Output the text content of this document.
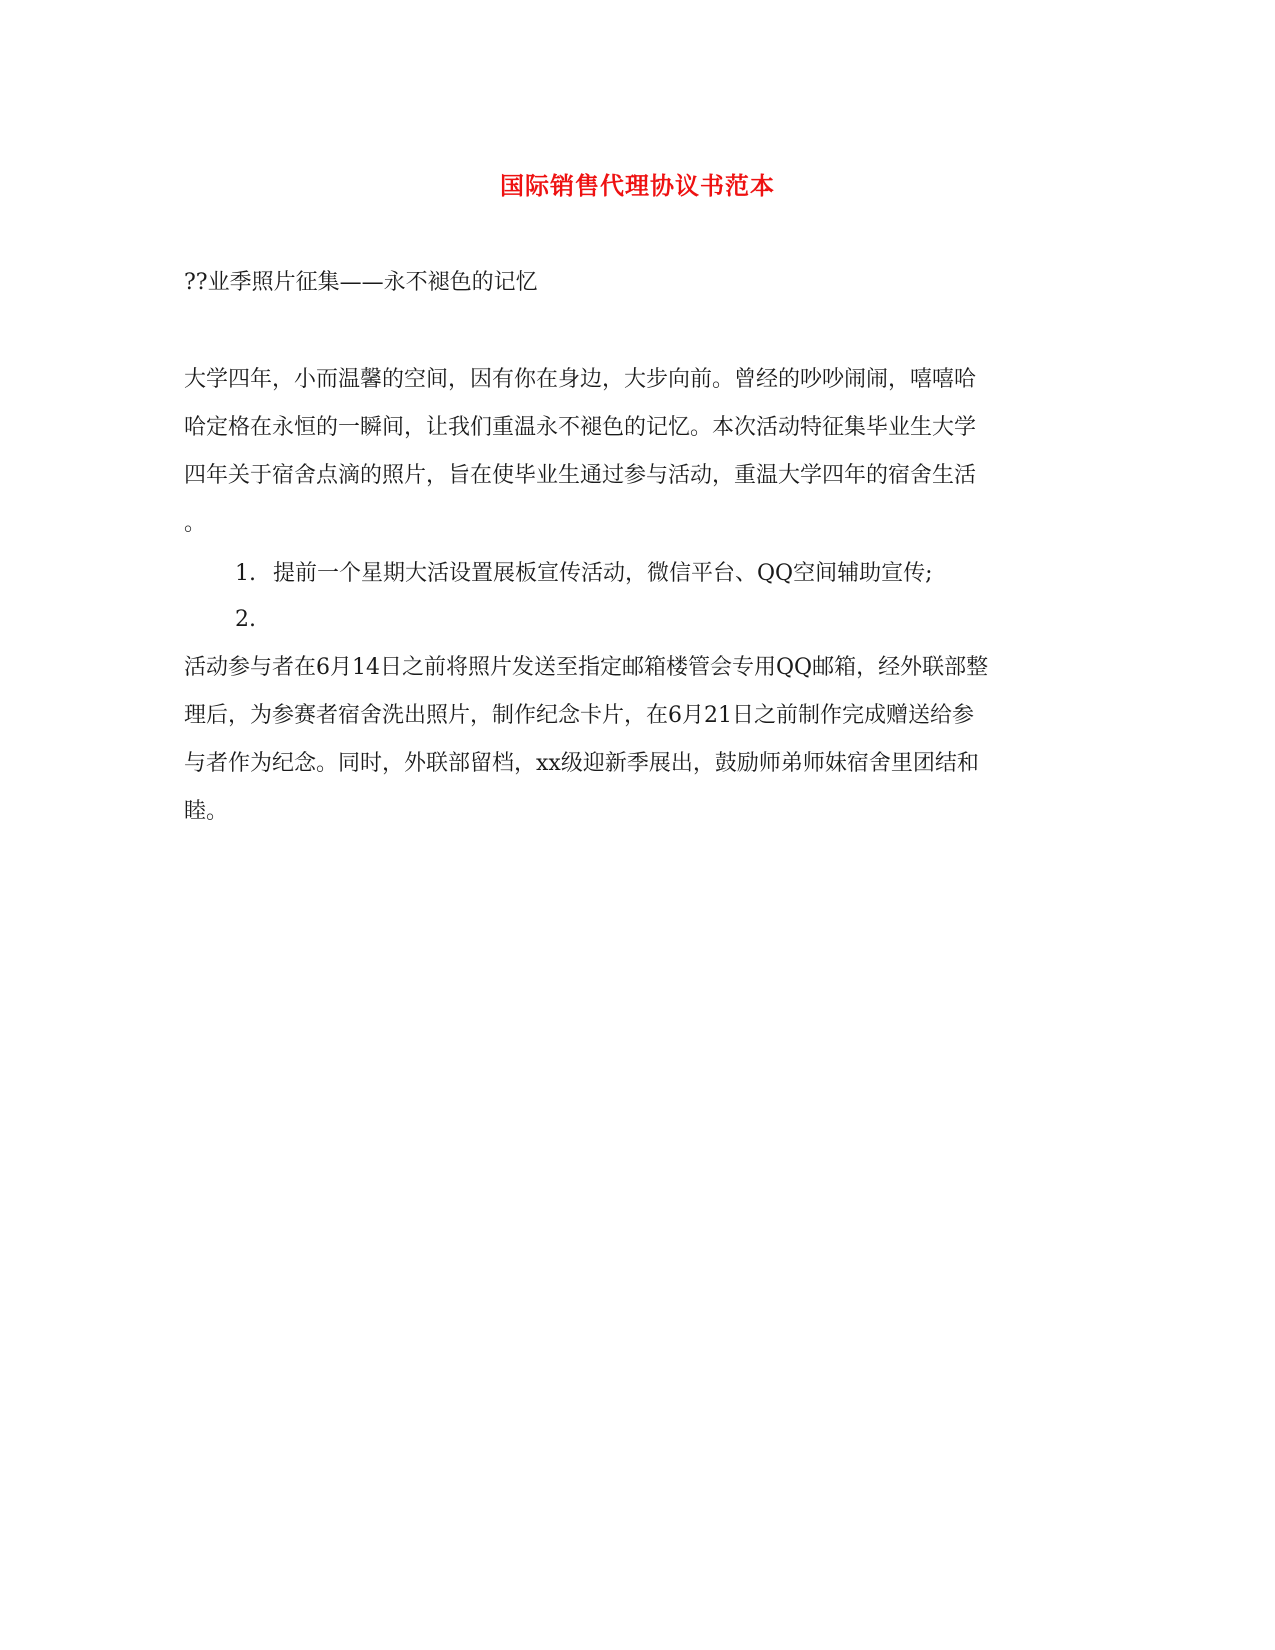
国际销售代理协议书范本
??业季照片征集——永不褪色的记忆
大学四年，小而温馨的空间，因有你在身边，大步向前。曾经的吵吵闹闹，嘻嘻哈
哈定格在永恒的一瞬间，让我们重温永不褪色的记忆。本次活动特征集毕业生大学
四年关于宿舍点滴的照片，旨在使毕业生通过参与活动，重温大学四年的宿舍生活
。
1. 提前一个星期大活设置展板宣传活动，微信平台、QQ空间辅助宣传;
2.
活动参与者在6月14日之前将照片发送至指定邮箱楼管会专用QQ邮箱，经外联部整
理后，为参赛者宿舍洗出照片，制作纪念卡片，在6月21日之前制作完成赠送给参
与者作为纪念。同时，外联部留档，xx级迎新季展出，鼓励师弟师妹宿舍里团结和
睦。
